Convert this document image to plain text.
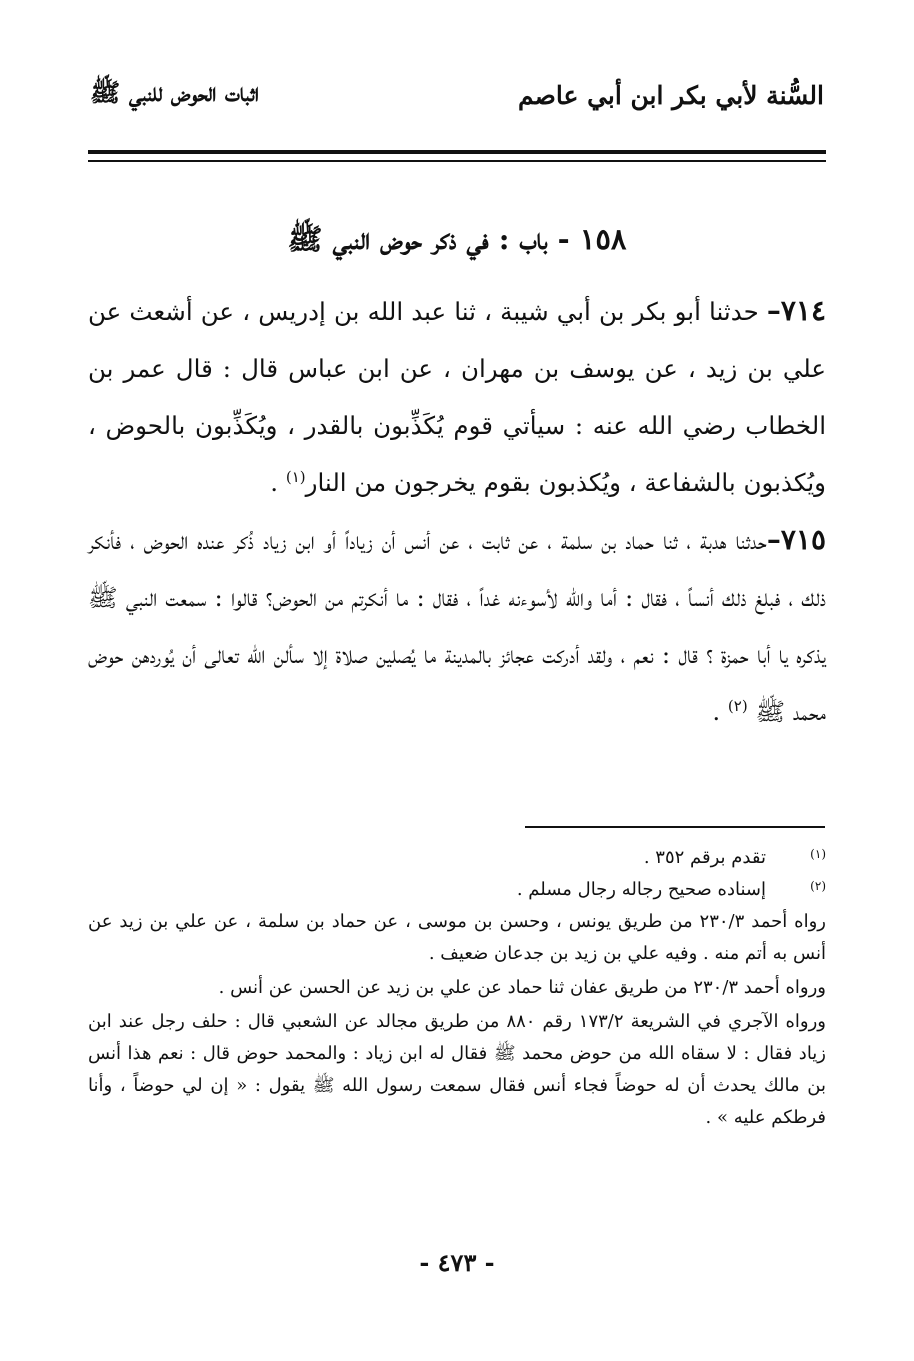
السُّنة لأبي بكر ابن أبي عاصم
اثبات الحوض للنبي ﷺ
١٥٨ - باب : في ذكر حوض النبي ﷺ

٧١٤– حدثنا أبو بكر بن أبي شيبة ، ثنا عبد الله بن إدريس ، عن أشعث عن علي بن زيد ، عن يوسف بن مهران ، عن ابن عباس قال : قال عمر بن الخطاب رضي الله عنه : سيأتي قوم يُكَذِّبون بالقدر ، ويُكَذِّبون بالحوض ، ويُكذبون بالشفاعة ، ويُكذبون بقوم يخرجون من النار$^{(١)}$ .

٧١٥–حدثنا هدبة ، ثنا حماد بن سلمة ، عن ثابت ، عن أنس أن زياداً أو ابن زياد ذُكر عنده الحوض ، فأنكر ذلك ، فبلغ ذلك أنساً ، فقال : أما والله لأسوءنه غداً ، فقال : ما أنكرتم من الحوض؟ قالوا : سمعت النبي ﷺ يذكره يا أبا حمزة ؟ قال : نعم ، ولقد أدركت عجائز بالمدينة ما يُصلين صلاة إلا سألن الله تعالى أن يُوردهن حوض محمد ﷺ $^{(٢)}$ .

(١)
تقدم برقم ٣٥٢ .
(٢)
إسناده صحيح رجاله رجال مسلم .

رواه أحمد ٢٣٠/٣ من طريق يونس ، وحسن بن موسى ، عن حماد بن سلمة ، عن علي بن زيد عن أنس به أتم منه . وفيه علي بن زيد بن جدعان ضعيف .

ورواه أحمد ٢٣٠/٣ من طريق عفان ثنا حماد عن علي بن زيد عن الحسن عن أنس .

ورواه الآجري في الشريعة ١٧٣/٢ رقم ٨٨٠ من طريق مجالد عن الشعبي قال : حلف رجل عند ابن زياد فقال : لا سقاه الله من حوض محمد ﷺ فقال له ابن زياد : والمحمد حوض قال : نعم هذا أنس بن مالك يحدث أن له حوضاً فجاء أنس فقال سمعت رسول الله ﷺ يقول : « إن لي حوضاً ، وأنا فرطكم عليه » .

- ٤٧٣ -
